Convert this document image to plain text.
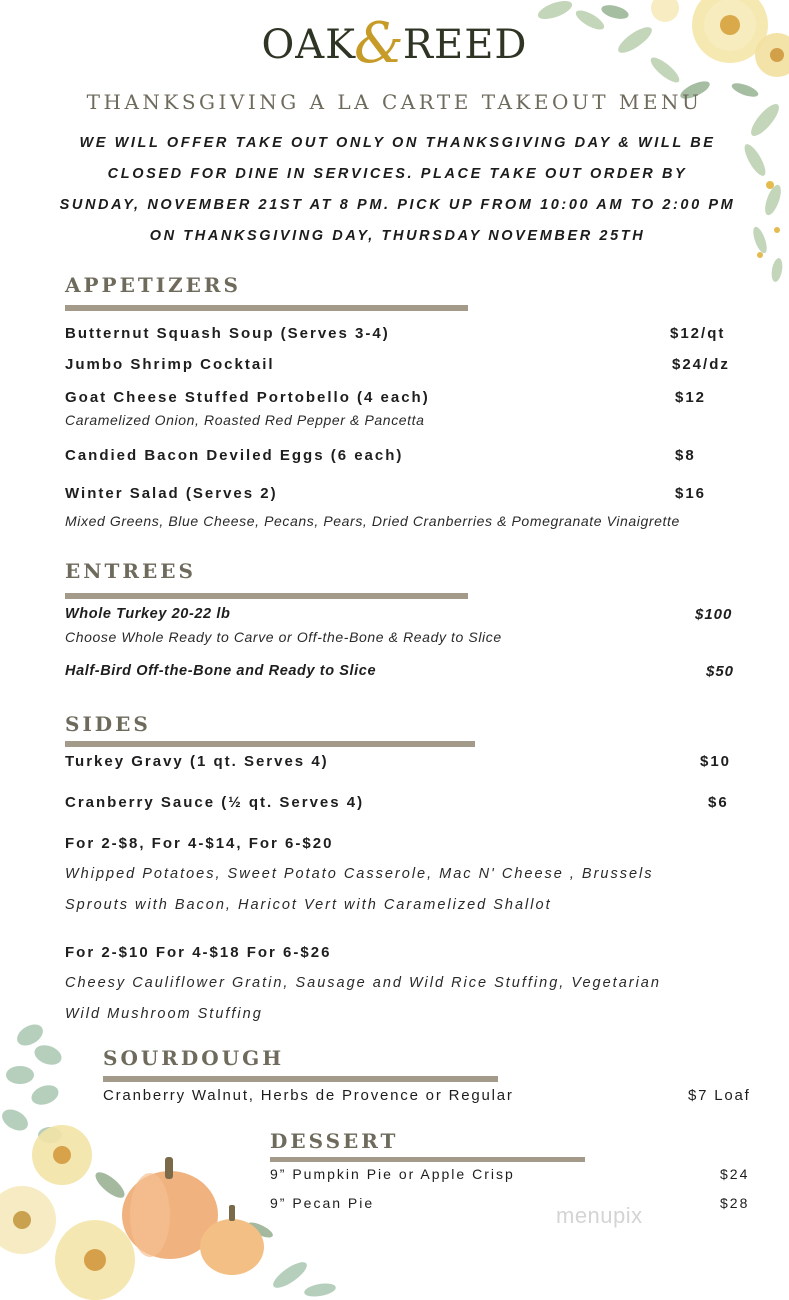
OAK&REED
THANKSGIVING A LA CARTE TAKEOUT MENU
WE WILL OFFER TAKE OUT ONLY ON THANKSGIVING DAY & WILL BE
CLOSED FOR DINE IN SERVICES. PLACE TAKE OUT ORDER BY
SUNDAY, NOVEMBER 21ST AT 8 PM. PICK UP FROM 10:00 AM TO 2:00 PM
ON THANKSGIVING DAY, THURSDAY NOVEMBER 25TH
APPETIZERS
Butternut Squash Soup (Serves 3-4)	$12/qt
Jumbo Shrimp Cocktail	$24/dz
Goat Cheese Stuffed Portobello (4 each)	$12
Caramelized Onion, Roasted Red Pepper & Pancetta
Candied Bacon Deviled Eggs (6 each)	$8
Winter Salad (Serves 2)	$16
Mixed Greens, Blue Cheese, Pecans, Pears, Dried Cranberries & Pomegranate Vinaigrette
ENTREES
Whole Turkey 20-22 lb	$100
Choose Whole Ready to Carve or Off-the-Bone & Ready to Slice
Half-Bird Off-the-Bone and Ready to Slice	$50
SIDES
Turkey Gravy (1 qt. Serves 4)	$10
Cranberry Sauce (½ qt. Serves 4)	$6
For 2-$8, For 4-$14, For 6-$20
Whipped Potatoes, Sweet Potato Casserole, Mac N' Cheese , Brussels
Sprouts with Bacon, Haricot Vert with Caramelized Shallot
For 2-$10 For 4-$18 For 6-$26
Cheesy Cauliflower Gratin, Sausage and Wild Rice Stuffing, Vegetarian
Wild Mushroom Stuffing
SOURDOUGH
Cranberry Walnut, Herbs de Provence or Regular	$7 Loaf
DESSERT
9” Pumpkin Pie or Apple Crisp	$24
9” Pecan Pie	$28
menupix
